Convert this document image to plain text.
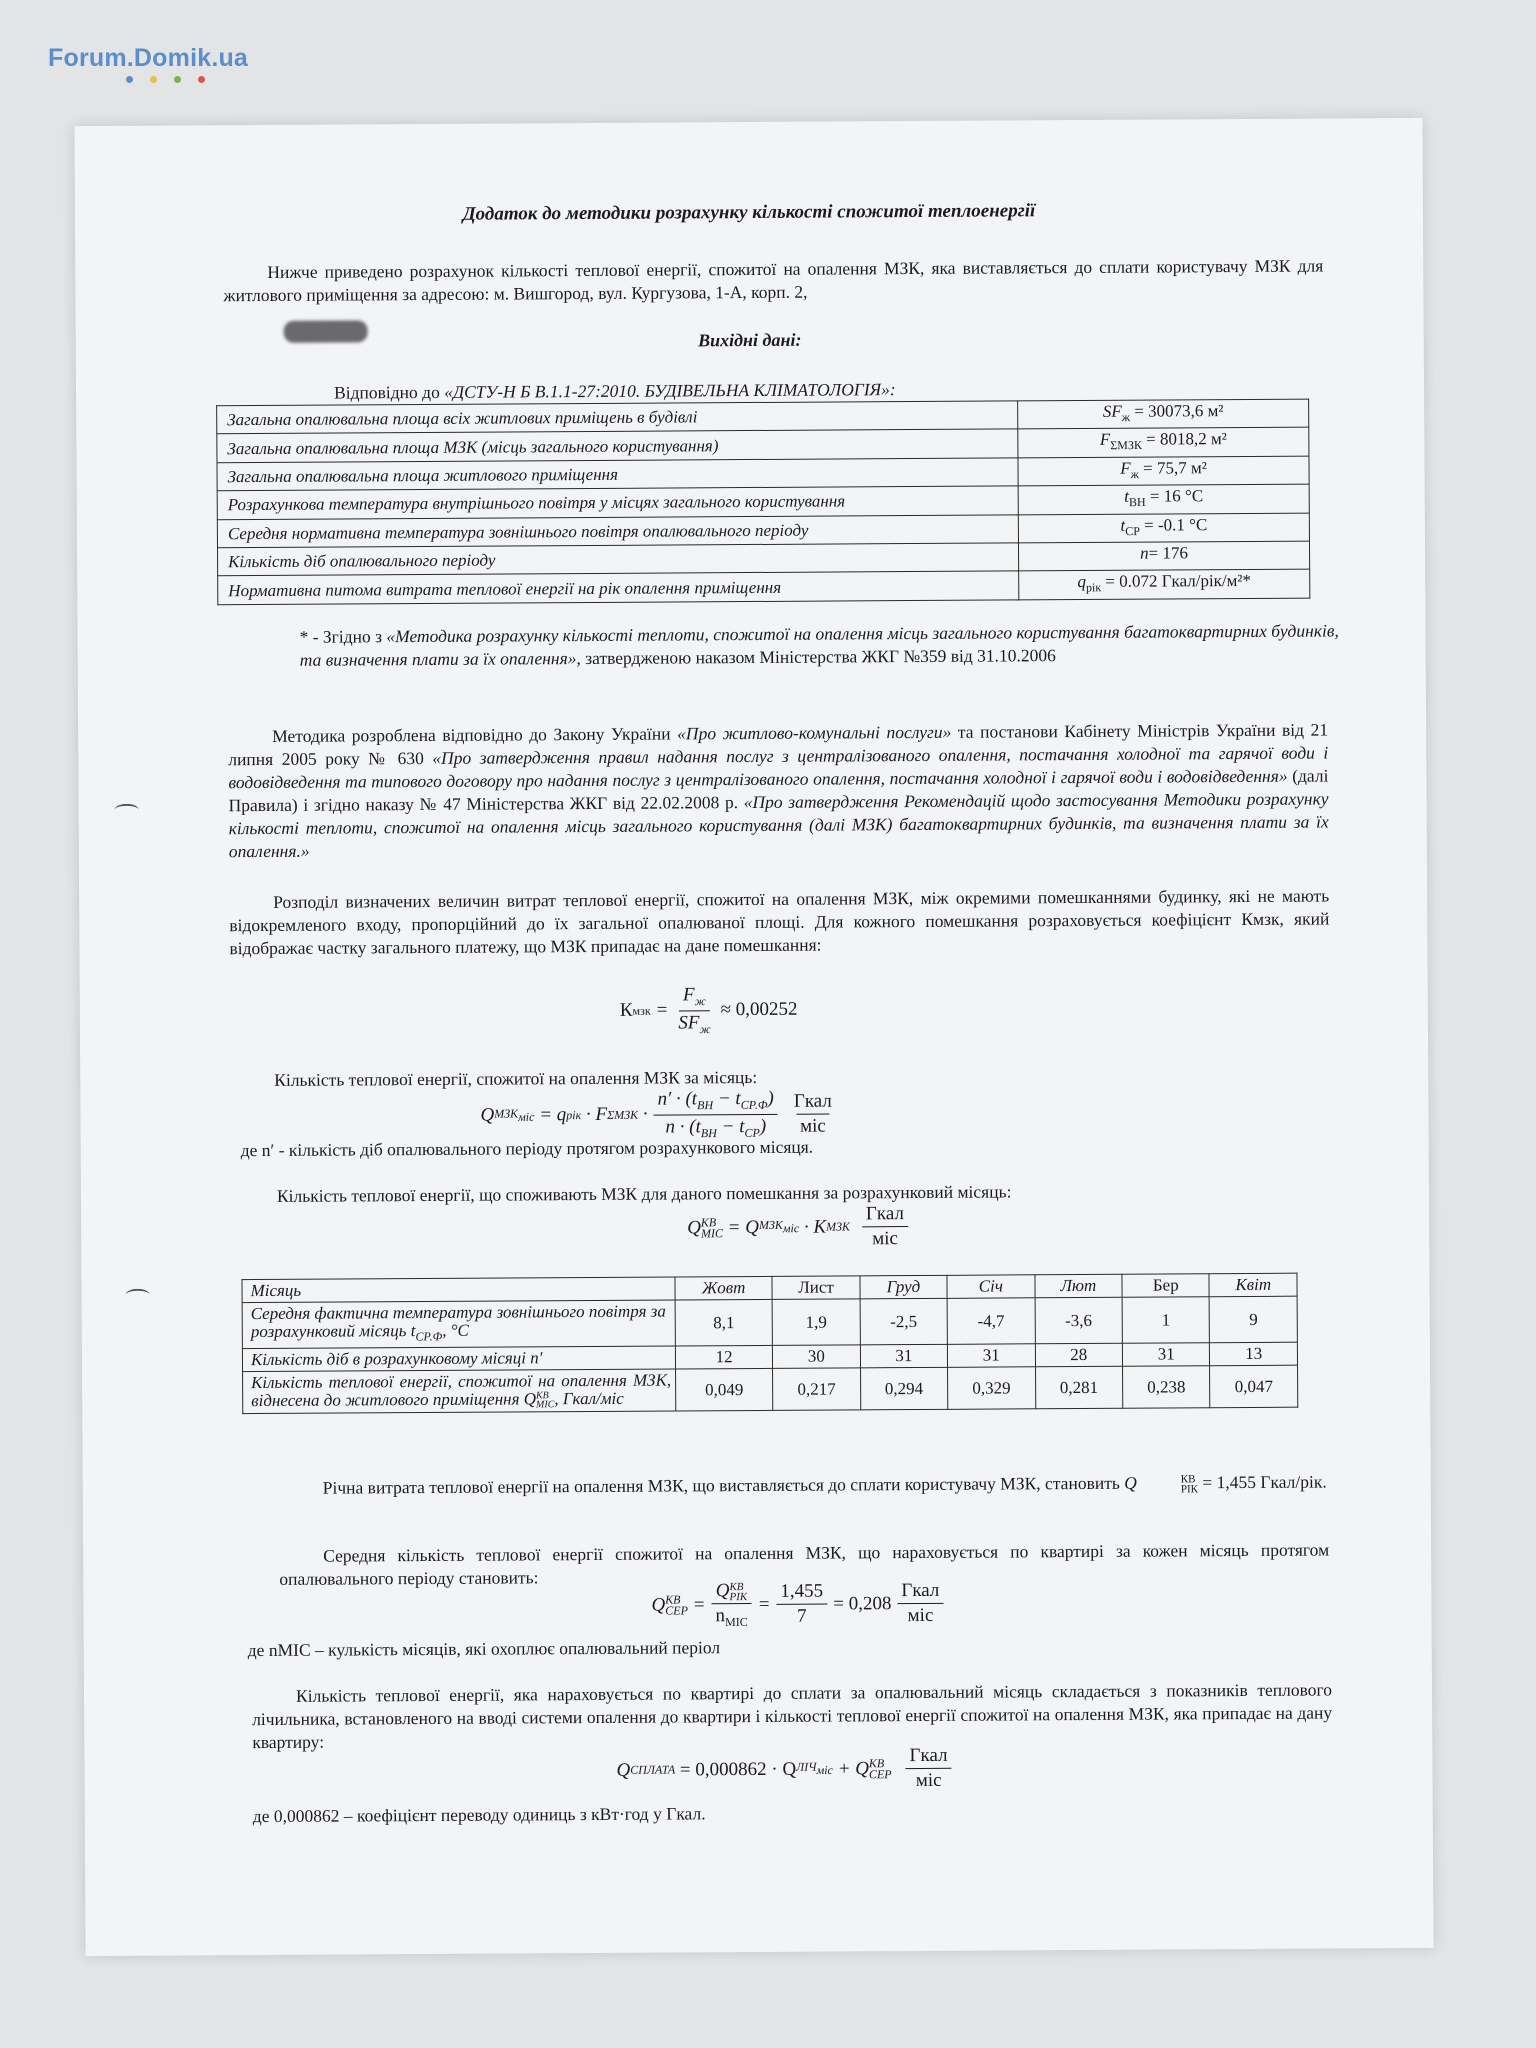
Forum.Domik.ua
Додаток до методики розрахунку кількості спожитої теплоенергії
Нижче приведено розрахунок кількості теплової енергії, спожитої на опалення МЗК, яка виставляється до сплати користувачу МЗК для житлового приміщення за адресою: м. Вишгород, вул. Кургузова, 1-А, корп. 2,
Вихідні дані:
Відповідно до «ДСТУ-Н Б В.1.1-27:2010. БУДІВЕЛЬНА КЛІМАТОЛОГІЯ»:
Загальна опалювальна площа всіх житлових приміщень в будівлі	$SF_ж = 30073,6$ м²
Загальна опалювальна площа МЗК (місць загального користування)	$F_{\Sigma МЗК} = 8018,2$ м²
Загальна опалювальна площа житлового приміщення	$F_ж = 75,7$ м²
Розрахункова температура внутрішнього повітря у місцях загального користування	$t_{ВН} = 16$ °С
Середня нормативна температура зовнішнього повітря опалювального періоду	$t_{СР} = -0.1$ °С
Кількість діб опалювального періоду	n= 176
Нормативна питома витрата теплової енергії на рік опалення приміщення	$q_{рік} = 0.072$ Гкал/рік/м²*
* - Згідно з «Методика розрахунку кількості теплоти, спожитої на опалення місць загального користування багатоквартирних будинків, та визначення плати за їх опалення», затвердженою наказом Міністерства ЖКГ №359 від 31.10.2006
Методика розроблена відповідно до Закону України «Про житлово-комунальні послуги» та постанови Кабінету Міністрів України від 21 липня 2005 року № 630 «Про затвердження правил надання послуг з централізованого опалення, постачання холодної та гарячої води і водовідведення та типового договору про надання послуг з централізованого опалення, постачання холодної і гарячої води і водовідведення» (далі Правила) і згідно наказу № 47 Міністерства ЖКГ від 22.02.2008 р. «Про затвердження Рекомендацій щодо застосування Методики розрахунку кількості теплоти, спожитої на опалення місць загального користування (далі МЗК) багатоквартирних будинків, та визначення плати за їх опалення.»
Розподіл визначених величин витрат теплової енергії, спожитої на опалення МЗК, між окремими помешканнями будинку, які не мають відокремленого входу, пропорційний до їх загальної опалюваної площі. Для кожного помешкання розраховується коефіцієнт Кмзк, який відображає частку загального платежу, що МЗК припадає на дане помешкання:
К мзк = $\frac{F_ж}{SF_ж} \approx 0,00252$
Кількість теплової енергії, спожитої на опалення МЗК за місяць:
Q $МЗК_{міс} = q$ рік · F $\Sigma МЗК \cdot \frac{n' \cdot (t_{ВН} - t_{СР.Ф})}{n \cdot (t_{ВН} - t_{СР})} \frac{\text{Гкал}}{\text{міс}}$
де n′ - кількість діб опалювального періоду протягом розрахункового місяця.
Кількість теплової енергії, що споживають МЗК для даного помешкання за розрахунковий місяць:
Q КВ
МІС = Q $МЗК_{міс} \cdot К$ МЗК $\frac{\text{Гкал}}{\text{міс}}$
Місяць	Жовт	Лист	Груд	Січ	Лют	Бер	Квіт
Середня фактична температура зовнішнього повітря за розрахунковий місяць $t_{СР.Ф}$, °С	8,1	1,9	-2,5	-4,7	-3,6	1	9
Кількість діб в розрахунковому місяці n′	12	30	31	31	28	31	13
Кількість теплової енергії, спожитої на опалення МЗК, віднесена до житлового приміщення Q КВ
МІС , Гкал/міс	0,049	0,217	0,294	0,329	0,281	0,238	0,047
Річна витрата теплової енергії на опалення МЗК, що виставляється до сплати користувачу МЗК, становить Q	КВ
РІК = 1,455 Гкал/рік.
Середня кількість теплової енергії спожитої на опалення МЗК, що нараховується по квартирі за кожен місяць протягом опалювального періоду становить:
Q КВ
СЕР = Q КВ
РІК
$n_{МІС} = \frac{1,455}{7} = 0,208 \frac{\text{Гкал}}{\text{міс}}$
де nМІС – кулькість місяців, які охоплює опалювальний періол
Кількість теплової енергії, яка нараховується по квартирі до сплати за опалювальний місяць складається з показників теплового лічильника, встановленого на вводі системи опалення до квартири і кількості теплової енергії спожитої на опалення МЗК, яка припадає на дану квартиру:
Q СПЛАТА = 0,000862 · Q $ЛІЧ_{міс} + Q$ КВ
СЕР $\frac{\text{Гкал}}{\text{міс}}$
де 0,000862 – коефіцієнт переводу одиниць з кВт·год у Гкал.
